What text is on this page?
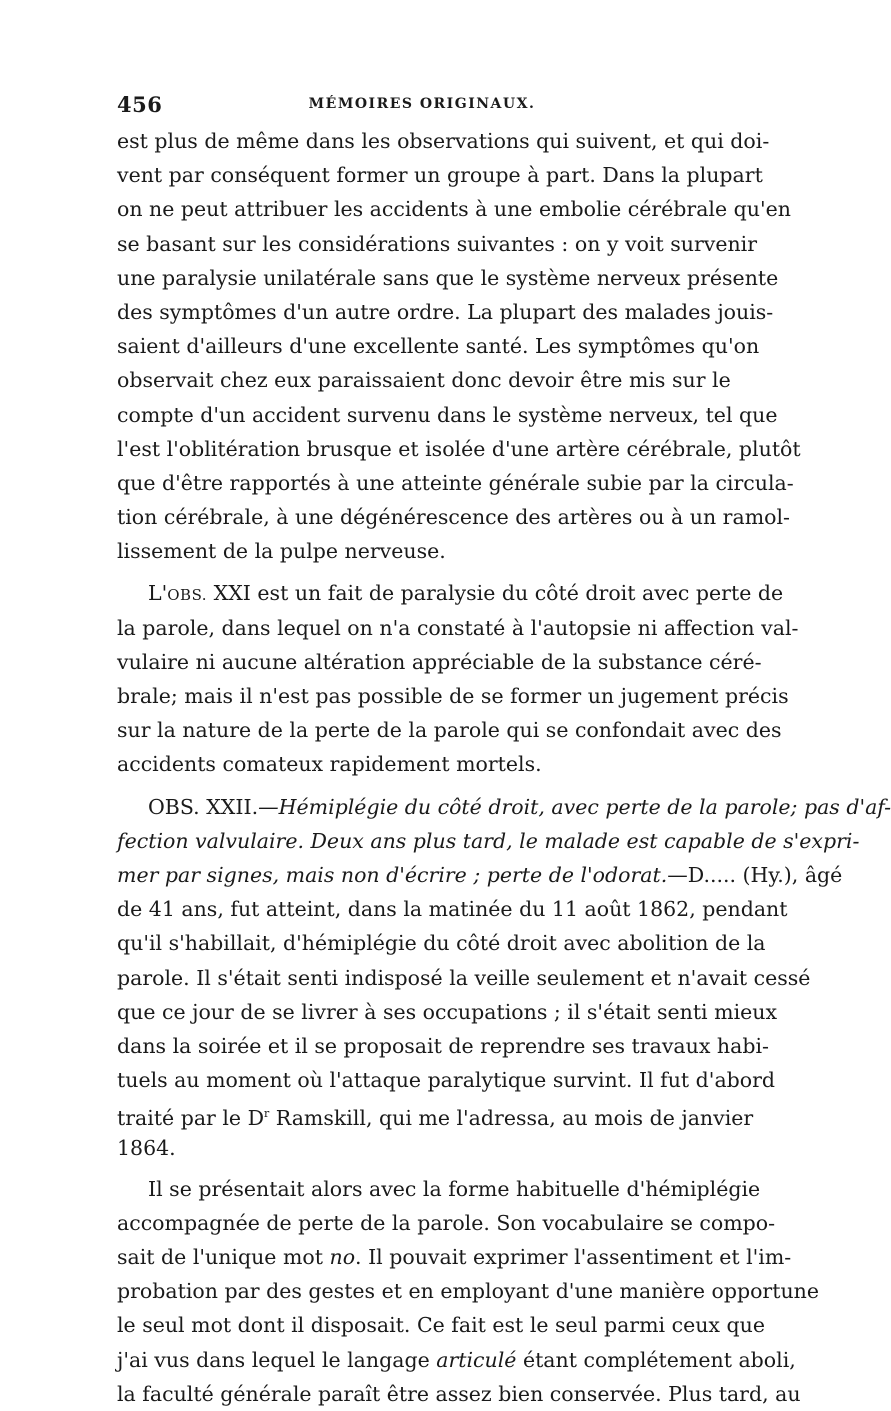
456	MÉMOIRES ORIGINAUX.
est plus de même dans les observations qui suivent, et qui doi-
vent par conséquent former un groupe à part. Dans la plupart
on ne peut attribuer les accidents à une embolie cérébrale qu'en
se basant sur les considérations suivantes : on y voit survenir
une paralysie unilatérale sans que le système nerveux présente
des symptômes d'un autre ordre. La plupart des malades jouis-
saient d'ailleurs d'une excellente santé. Les symptômes qu'on
observait chez eux paraissaient donc devoir être mis sur le
compte d'un accident survenu dans le système nerveux, tel que
l'est l'oblitération brusque et isolée d'une artère cérébrale, plutôt
que d'être rapportés à une atteinte générale subie par la circula-
tion cérébrale, à une dégénérescence des artères ou à un ramol-
lissement de la pulpe nerveuse.
L'OBS. XXI est un fait de paralysie du côté droit avec perte de
la parole, dans lequel on n'a constaté à l'autopsie ni affection val-
vulaire ni aucune altération appréciable de la substance céré-
brale; mais il n'est pas possible de se former un jugement précis
sur la nature de la perte de la parole qui se confondait avec des
accidents comateux rapidement mortels.
OBS. XXII.—Hémiplégie du côté droit, avec perte de la parole; pas d'af-
fection valvulaire. Deux ans plus tard, le malade est capable de s'expri-
mer par signes, mais non d'écrire ; perte de l'odorat.—D..... (Hy.), âgé
de 41 ans, fut atteint, dans la matinée du 11 août 1862, pendant
qu'il s'habillait, d'hémiplégie du côté droit avec abolition de la
parole. Il s'était senti indisposé la veille seulement et n'avait cessé
que ce jour de se livrer à ses occupations ; il s'était senti mieux
dans la soirée et il se proposait de reprendre ses travaux habi-
tuels au moment où l'attaque paralytique survint. Il fut d'abord
traité par le $D^r$ Ramskill, qui me l'adressa, au mois de janvier
1864.
Il se présentait alors avec la forme habituelle d'hémiplégie
accompagnée de perte de la parole. Son vocabulaire se compo-
sait de l'unique mot no. Il pouvait exprimer l'assentiment et l'im-
probation par des gestes et en employant d'une manière opportune
le seul mot dont il disposait. Ce fait est le seul parmi ceux que
j'ai vus dans lequel le langage articulé étant complétement aboli,
la faculté générale paraît être assez bien conservée. Plus tard, au
